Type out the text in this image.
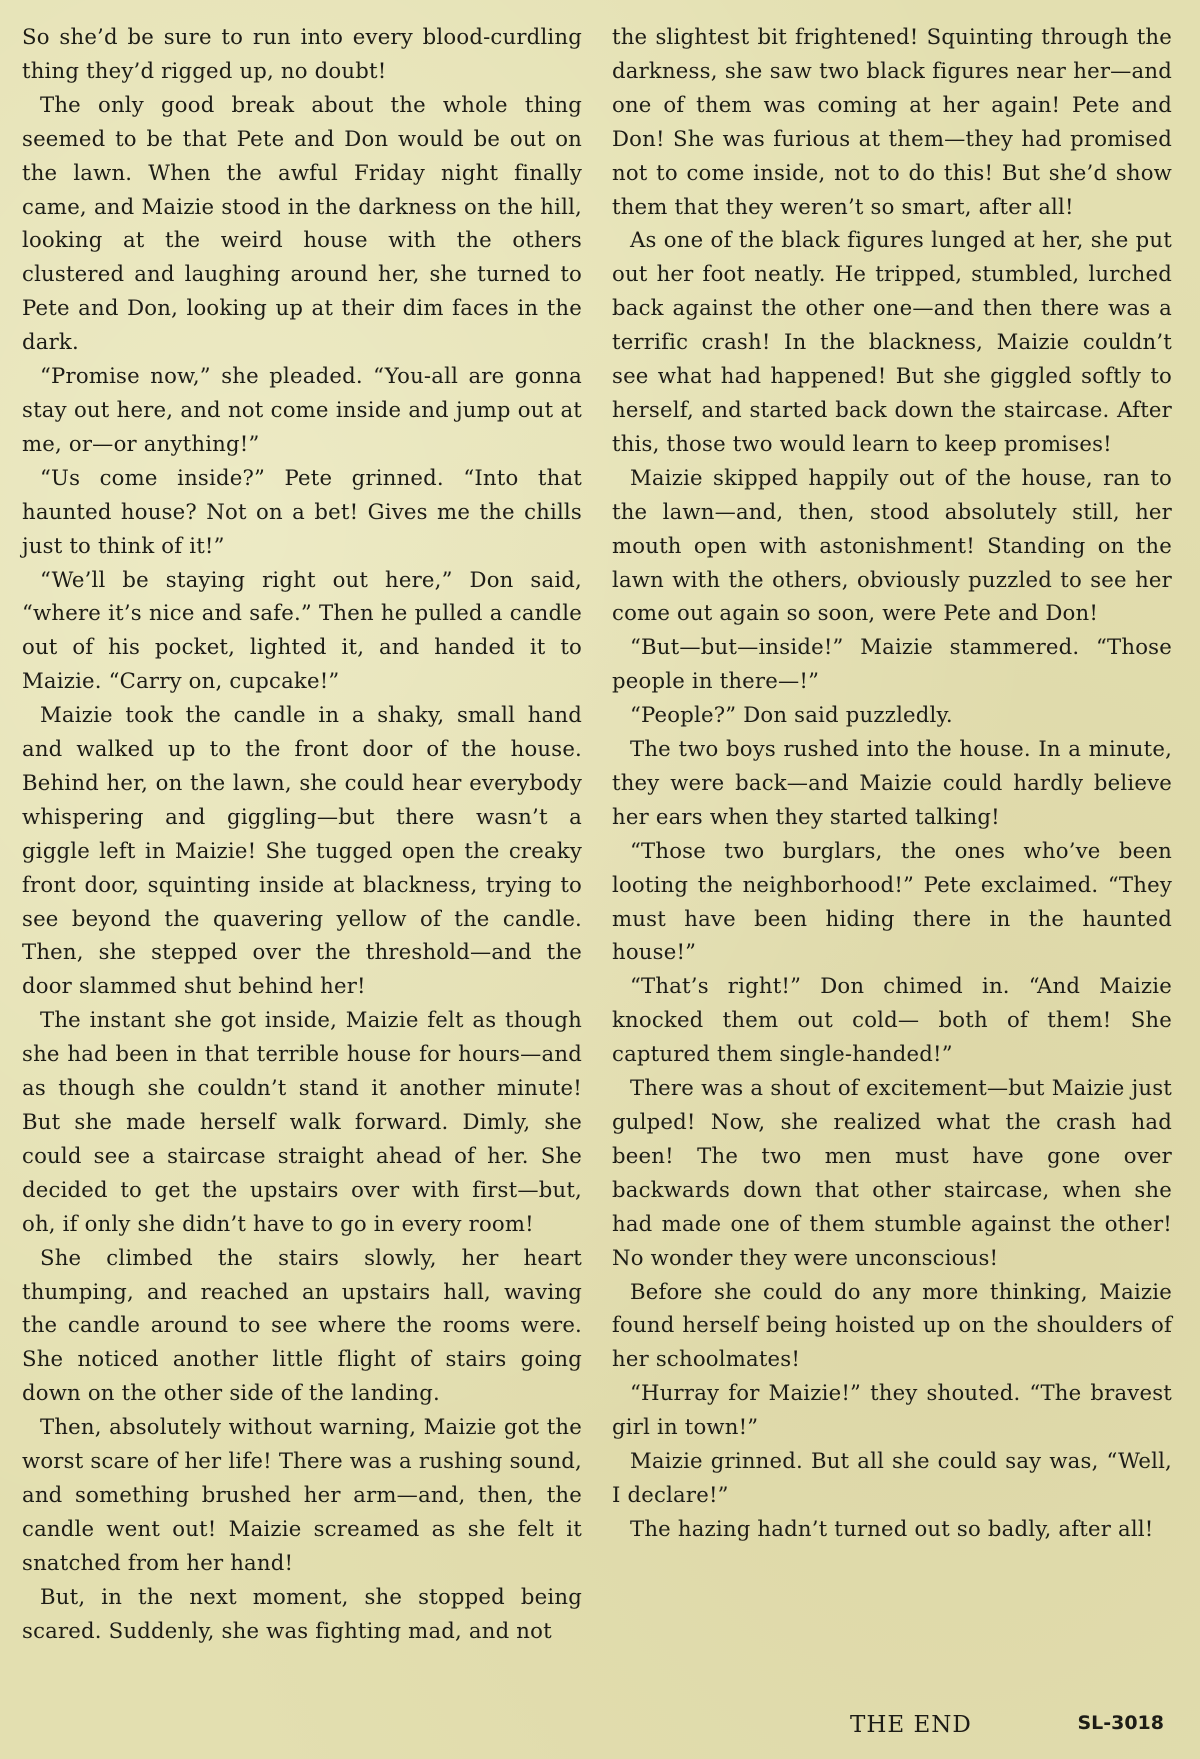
So she’d be sure to run into every blood-curdling thing they’d rigged up, no doubt!

The only good break about the whole thing seemed to be that Pete and Don would be out on the lawn. When the awful Friday night finally came, and Maizie stood in the darkness on the hill, looking at the weird house with the others clustered and laughing around her, she turned to Pete and Don, looking up at their dim faces in the dark.

“Promise now,” she pleaded. “You-all are gonna stay out here, and not come inside and jump out at me, or—or anything!”

“Us come inside?” Pete grinned. “Into that haunted house? Not on a bet! Gives me the chills just to think of it!”

“We’ll be staying right out here,” Don said, “where it’s nice and safe.” Then he pulled a candle out of his pocket, lighted it, and handed it to Maizie. “Carry on, cupcake!”

Maizie took the candle in a shaky, small hand and walked up to the front door of the house. Behind her, on the lawn, she could hear everybody whispering and giggling—but there wasn’t a giggle left in Maizie! She tugged open the creaky front door, squinting inside at blackness, trying to see beyond the quavering yellow of the candle. Then, she stepped over the threshold—and the door slammed shut behind her!

The instant she got inside, Maizie felt as though she had been in that terrible house for hours—and as though she couldn’t stand it another minute! But she made herself walk forward. Dimly, she could see a staircase straight ahead of her. She decided to get the upstairs over with first—but, oh, if only she didn’t have to go in every room!

She climbed the stairs slowly, her heart thumping, and reached an upstairs hall, waving the candle around to see where the rooms were. She noticed another little flight of stairs going down on the other side of the landing.

Then, absolutely without warning, Maizie got the worst scare of her life! There was a rushing sound, and something brushed her arm—and, then, the candle went out! Maizie screamed as she felt it snatched from her hand!

But, in the next moment, she stopped being scared. Suddenly, she was fighting mad, and not

the slightest bit frightened! Squinting through the darkness, she saw two black figures near her—and one of them was coming at her again! Pete and Don! She was furious at them—they had promised not to come inside, not to do this! But she’d show them that they weren’t so smart, after all!

As one of the black figures lunged at her, she put out her foot neatly. He tripped, stumbled, lurched back against the other one—and then there was a terrific crash! In the blackness, Maizie couldn’t see what had happened! But she giggled softly to herself, and started back down the staircase. After this, those two would learn to keep promises!

Maizie skipped happily out of the house, ran to the lawn—and, then, stood absolutely still, her mouth open with astonishment! Standing on the lawn with the others, obviously puzzled to see her come out again so soon, were Pete and Don!

“But—but—inside!” Maizie stammered. “Those people in there—!”

“People?” Don said puzzledly.

The two boys rushed into the house. In a minute, they were back—and Maizie could hardly believe her ears when they started talking!

“Those two burglars, the ones who’ve been looting the neighborhood!” Pete exclaimed. “They must have been hiding there in the haunted house!”

“That’s right!” Don chimed in. “And Maizie knocked them out cold— both of them! She captured them single-handed!”

There was a shout of excitement—but Maizie just gulped! Now, she realized what the crash had been! The two men must have gone over backwards down that other staircase, when she had made one of them stumble against the other! No wonder they were unconscious!

Before she could do any more thinking, Maizie found herself being hoisted up on the shoulders of her schoolmates!

“Hurray for Maizie!” they shouted. “The bravest girl in town!”

Maizie grinned. But all she could say was, “Well, I declare!”

The hazing hadn’t turned out so badly, after all!

THE END	SL-3018
